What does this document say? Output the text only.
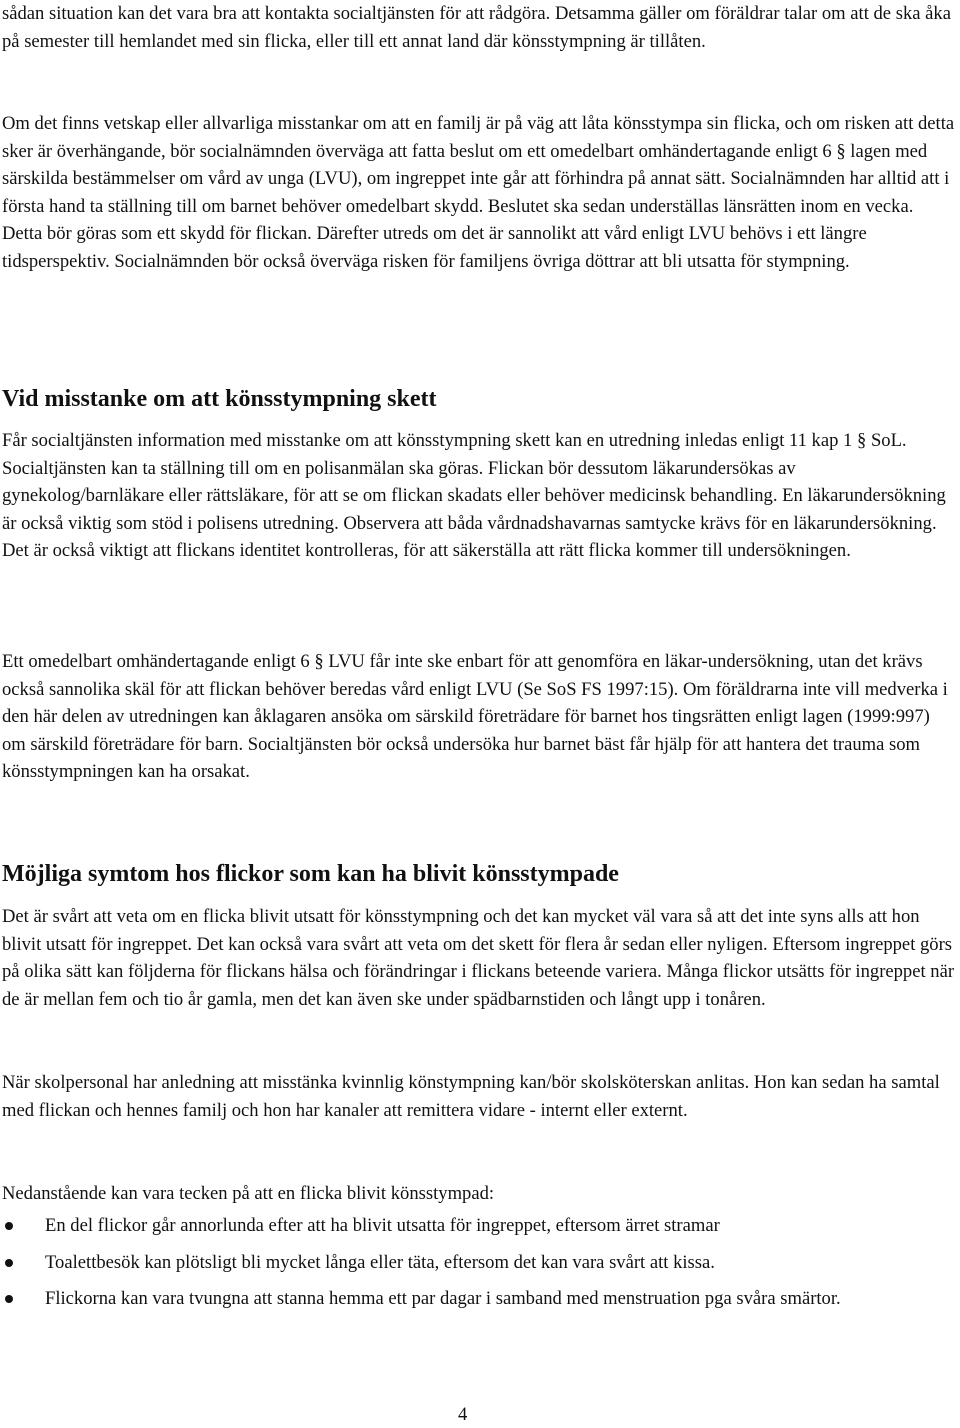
sådan situation kan det vara bra att kontakta socialtjänsten för att rådgöra. Detsamma gäller om föräldrar talar om att de ska åka på semester till hemlandet med sin flicka, eller till ett annat land där könsstympning är tillåten.

Om det finns vetskap eller allvarliga misstankar om att en familj är på väg att låta könsstympa sin flicka, och om risken att detta sker är överhängande, bör socialnämnden överväga att fatta beslut om ett omedelbart omhändertagande enligt 6 § lagen med särskilda bestämmelser om vård av unga (LVU), om ingreppet inte går att förhindra på annat sätt. Socialnämnden har alltid att i första hand ta ställning till om barnet behöver omedelbart skydd. Beslutet ska sedan underställas länsrätten inom en vecka. Detta bör göras som ett skydd för flickan. Därefter utreds om det är sannolikt att vård enligt LVU behövs i ett längre tidsperspektiv. Socialnämnden bör också överväga risken för familjens övriga döttrar att bli utsatta för stympning.

Vid misstanke om att könsstympning skett

Får socialtjänsten information med misstanke om att könsstympning skett kan en utredning inledas enligt 11 kap 1 § SoL. Socialtjänsten kan ta ställning till om en polisanmälan ska göras. Flickan bör dessutom läkarundersökas av gynekolog/barnläkare eller rättsläkare, för att se om flickan skadats eller behöver medicinsk behandling. En läkarundersökning är också viktig som stöd i polisens utredning. Observera att båda vårdnadshavarnas samtycke krävs för en läkarundersökning. Det är också viktigt att flickans identitet kontrolleras, för att säkerställa att rätt flicka kommer till undersökningen.

Ett omedelbart omhändertagande enligt 6 § LVU får inte ske enbart för att genomföra en läkar-undersökning, utan det krävs också sannolika skäl för att flickan behöver beredas vård enligt LVU (Se SoS FS 1997:15). Om föräldrarna inte vill medverka i den här delen av utredningen kan åklagaren ansöka om särskild företrädare för barnet hos tingsrätten enligt lagen (1999:997) om särskild företrädare för barn. Socialtjänsten bör också undersöka hur barnet bäst får hjälp för att hantera det trauma som könsstympningen kan ha orsakat.

Möjliga symtom hos flickor som kan ha blivit könsstympade

Det är svårt att veta om en flicka blivit utsatt för könsstympning och det kan mycket väl vara så att det inte syns alls att hon blivit utsatt för ingreppet. Det kan också vara svårt att veta om det skett för flera år sedan eller nyligen. Eftersom ingreppet görs på olika sätt kan följderna för flickans hälsa och förändringar i flickans beteende variera. Många flickor utsätts för ingreppet när de är mellan fem och tio år gamla, men det kan även ske under spädbarnstiden och långt upp i tonåren.

När skolpersonal har anledning att misstänka kvinnlig könstympning kan/bör skolsköterskan anlitas. Hon kan sedan ha samtal med flickan och hennes familj och hon har kanaler att remittera vidare - internt eller externt.

Nedanstående kan vara tecken på att en flicka blivit könsstympad:

En del flickor går annorlunda efter att ha blivit utsatta för ingreppet, eftersom ärret stramar
Toalettbesök kan plötsligt bli mycket långa eller täta, eftersom det kan vara svårt att kissa.
Flickorna kan vara tvungna att stanna hemma ett par dagar i samband med menstruation pga svåra smärtor.
4
